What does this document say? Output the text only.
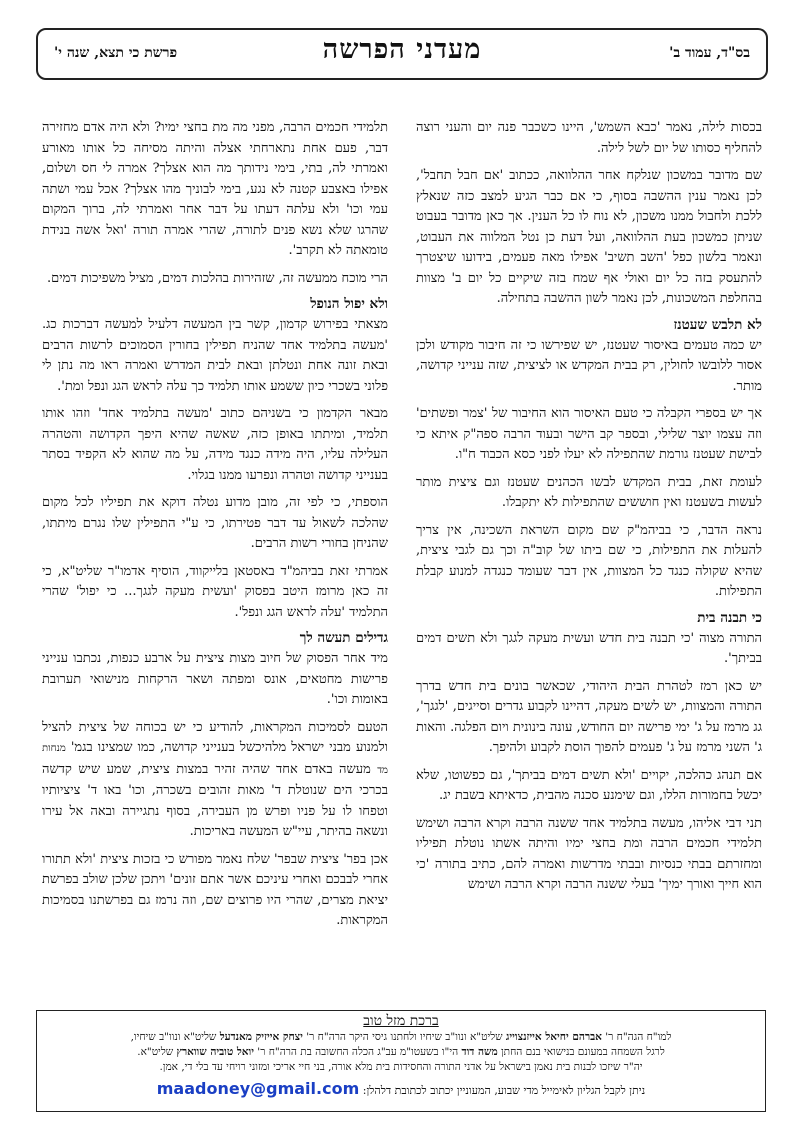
בס"ד, עמוד ב'
מעדני הפרשה
פרשת כי תצא, שנה י'

בכסות לילה, נאמר 'כבא השמש', היינו כשכבר פנה יום והעני רוצה להחליף כסותו של יום לשל לילה.

שם מדובר במשכון שנלקח אחר ההלוואה, ככתוב 'אם חבל תחבל', לכן נאמר ענין ההשבה בסוף, כי אם כבר הגיע למצב כזה שנאלץ ללכת ולחבול ממנו משכון, לא נוח לו כל הענין. אך כאן מדובר בעבוט שניתן כמשכון בעת ההלוואה, ועל דעת כן נטל המלווה את העבוט, ונאמר בלשון כפל 'השב תשיב' אפילו מאה פעמים, בידועו שיצטרך להתעסק בזה כל יום ואולי אף שמח בזה שיקיים כל יום ב' מצוות בהחלפת המשכונות, לכן נאמר לשון ההשבה בתחילה.

לא תלבש שעטנז

יש כמה טעמים באיסור שעטנז, יש שפירשו כי זה חיבור מקודש ולכן אסור ללובשו לחולין, רק בבית המקדש או לציצית, שזה ענייני קדושה, מותר.

אך יש בספרי הקבלה כי טעם האיסור הוא החיבור של 'צמר ופשתים' וזה עצמו יוצר שלילי, ובספר קב הישר ובעוד הרבה ספה"ק איתא כי לבישת שעטנז גורמת שהתפילה לא יעלו לפני כסא הכבוד ח"ו.

לעומת זאת, בבית המקדש לבשו הכהנים שעטנז וגם ציצית מותר לעשות בשעטנז ואין חוששים שהתפילות לא יתקבלו.

נראה הדבר, כי בביהמ"ק שם מקום השראת השכינה, אין צריך להעלות את התפילות, כי שם ביתו של קוב"ה וכך גם לגבי ציצית, שהיא שקולה כנגד כל המצוות, אין דבר שעומד כנגדה למנוע קבלת התפילות.

כי תבנה בית

התורה מצוה 'כי תבנה בית חדש ועשית מעקה לגגך ולא תשים דמים בביתך'.

יש כאן רמז לטהרת הבית היהודי, שכאשר בונים בית חדש בדרך התורה והמצוות, יש לשים מעקה, דהיינו לקבוע גדרים וסייגים, 'לגגך', גג מרמז על ג' ימי פרישה יום החודש, עונה בינונית ויום הפלגה. והאות ג' השני מרמז על ג' פעמים להפוך הוסת לקבוע ולהיפך.

אם תנהג כהלכה, יקויים 'ולא תשים דמים בביתך', גם כפשוטו, שלא יכשל בחמורות הללו, וגם שימנע סכנה מהבית, כדאיתא בשבת יג.

תני דבי אליהו, מעשה בתלמיד אחד ששנה הרבה וקרא הרבה ושימש תלמידי חכמים הרבה ומת בחצי ימיו והיתה אשתו נוטלת תפיליו ומחזרתם בבתי כנסיות ובבתי מדרשות ואמרה להם, כתיב בתורה 'כי הוא חייך ואורך ימיך' בעלי ששנה הרבה וקרא הרבה ושימש

תלמידי חכמים הרבה, מפני מה מת בחצי ימיו? ולא היה אדם מחזירה דבר, פעם אחת נתארחתי אצלה והיתה מסיחה כל אותו מאורע ואמרתי לה, בתי, בימי נידותך מה הוא אצלך? אמרה לי חס ושלום, אפילו באצבע קטנה לא נגע, בימי לבוניך מהו אצלך? אכל עמי ושתה עמי וכו' ולא עלתה דעתו על דבר אחר ואמרתי לה, ברוך המקום שהרגו שלא נשא פנים לתורה, שהרי אמרה תורה 'ואל אשה בנידת טומאתה לא תקרב'.

הרי מוכח ממעשה זה, שזהירות בהלכות דמים, מציל משפיכות דמים.

ולא יפול הנופל

מצאתי בפירוש קדמון, קשר בין המעשה דלעיל למעשה דברכות כג. 'מעשה בתלמיד אחד שהניח תפילין בחורין הסמוכים לרשות הרבים ובאת זונה אחת ונטלתן ובאת לבית המדרש ואמרה ראו מה נתן לי פלוני בשכרי כיון ששמע אותו תלמיד כך עלה לראש הגג ונפל ומת'.

מבאר הקדמון כי בשניהם כתוב 'מעשה בתלמיד אחד' וזהו אותו תלמיד, ומיתתו באופן כזה, שאשה שהיא היפך הקדושה והטהרה העלילה עליו, היה מידה כנגד מידה, על מה שהוא לא הקפיד בסתר בענייני קדושה וטהרה ונפרעו ממנו בגלוי.

הוספתי, כי לפי זה, מובן מדוע נטלה דוקא את תפיליו לכל מקום שהלכה לשאול עד דבר פטירתו, כי ע"י התפילין שלו נגרם מיתתו, שהניחן בחורי רשות הרבים.

אמרתי זאת בביהמ"ד באסטאן בלייקווד, הוסיף אדמו"ר שליט"א, כי זה כאן מרומז היטב בפסוק 'ועשית מעקה לגגך... כי יפול' שהרי התלמיד 'עלה לראש הגג ונפל'.

גדילים תעשה לך

מיד אחר הפסוק של חיוב מצות ציצית על ארבע כנפות, נכתבו ענייני פרישות מחטאים, אונס ומפתה ושאר הרקחות מנישואי תערובת באומות וכו'.

הטעם לסמיכות המקראות, להודיע כי יש בכוחה של ציצית להציל ולמנוע מבני ישראל מלהיכשל בענייני קדושה, כמו שמצינו בגמ' מנחות מד מעשה באדם אחד שהיה זהיר במצות ציצית, שמע שיש קדשה בכרכי הים שנוטלת ד' מאות זהובים בשכרה, וכו' באו ד' ציציותיו וטפחו לו על פניו ופרש מן העבירה, בסוף נתגיירה ובאה אל עירו ונשאה בהיתר, עיי"ש המעשה באריכות.

אכן בפר' ציצית שבפר' שלח נאמר מפורש כי בזכות ציצית 'ולא תתורו אחרי לבבכם ואחרי עיניכם אשר אתם זונים' ויתכן שלכן שולב בפרשת יציאת מצרים, שהרי היו פרוצים שם, וזה נרמז גם בפרשתנו בסמיכות המקראות.

ברכת מזל טוב
למו"ח הגה"ח ר' אברהם יחיאל אייזנצוייג שליט"א ונוו"ב שיחיו ולחתנו גיסי היקר הרה"ח ר' יצחק אייזיק מאנדעל שליט"א ונוו"ב שיחיו,
לרגל השמחה במעונם בנישואי בנם החתן משה דוד הי"ו בשעטו"מ עב"ג הכלה החשובה בת הרה"ח ר' יואל טוביה שווארץ שליט"א.
יה"ר שיזכו לבנות בית נאמן בישראל על אדני התורה והחסידות בית מלא אורה, בני חיי אריכי ומזוני רויחי עד בלי די, אמן.
ניתן לקבל הגליון לאימייל מדי שבוע, המעוניין יכתוב לכתובת דלהלן: maadoney@gmail.com
